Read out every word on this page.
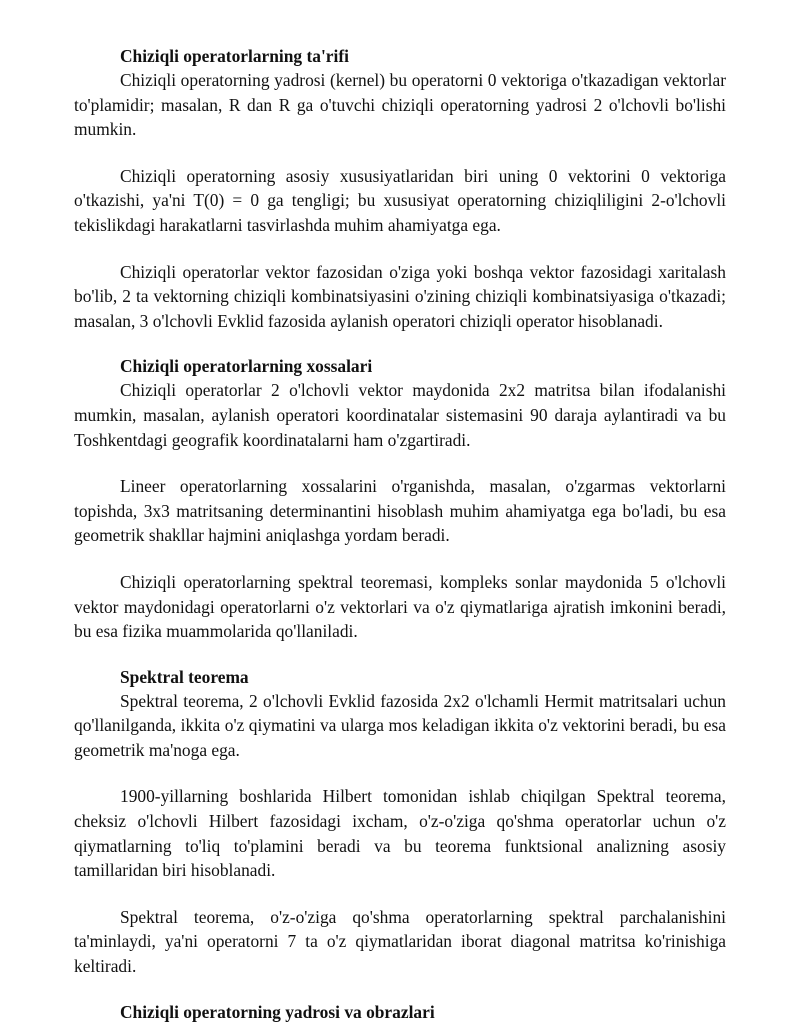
Chiziqli operatorlarning ta'rifi

Chiziqli operatorning yadrosi (kernel) bu operatorni 0 vektoriga o'tkazadigan vektorlar to'plamidir; masalan, R dan R ga o'tuvchi chiziqli operatorning yadrosi 2 o'lchovli bo'lishi mumkin.

Chiziqli operatorning asosiy xususiyatlaridan biri uning 0 vektorini 0 vektoriga o'tkazishi, ya'ni T(0) = 0 ga tengligi; bu xususiyat operatorning chiziqliligini 2-o'lchovli tekislikdagi harakatlarni tasvirlashda muhim ahamiyatga ega.

Chiziqli operatorlar vektor fazosidan o'ziga yoki boshqa vektor fazosidagi xaritalash bo'lib, 2 ta vektorning chiziqli kombinatsiyasini o'zining chiziqli kombinatsiyasiga o'tkazadi; masalan, 3 o'lchovli Evklid fazosida aylanish operatori chiziqli operator hisoblanadi.

Chiziqli operatorlarning xossalari

Chiziqli operatorlar 2 o'lchovli vektor maydonida 2x2 matritsa bilan ifodalanishi mumkin, masalan, aylanish operatori koordinatalar sistemasini 90 daraja aylantiradi va bu Toshkentdagi geografik koordinatalarni ham o'zgartiradi.

Lineer operatorlarning xossalarini o'rganishda, masalan, o'zgarmas vektorlarni topishda, 3x3 matritsaning determinantini hisoblash muhim ahamiyatga ega bo'ladi, bu esa geometrik shakllar hajmini aniqlashga yordam beradi.

Chiziqli operatorlarning spektral teoremasi, kompleks sonlar maydonida 5 o'lchovli vektor maydonidagi operatorlarni o'z vektorlari va o'z qiymatlariga ajratish imkonini beradi, bu esa fizika muammolarida qo'llaniladi.

Spektral teorema

Spektral teorema, 2 o'lchovli Evklid fazosida 2x2 o'lchamli Hermit matritsalari uchun qo'llanilganda, ikkita o'z qiymatini va ularga mos keladigan ikkita o'z vektorini beradi, bu esa geometrik ma'noga ega.

1900-yillarning boshlarida Hilbert tomonidan ishlab chiqilgan Spektral teorema, cheksiz o'lchovli Hilbert fazosidagi ixcham, o'z-o'ziga qo'shma operatorlar uchun o'z qiymatlarning to'liq to'plamini beradi va bu teorema funktsional analizning asosiy tamillaridan biri hisoblanadi.

Spektral teorema, o'z-o'ziga qo'shma operatorlarning spektral parchalanishini ta'minlaydi, ya'ni operatorni 7 ta o'z qiymatlaridan iborat diagonal matritsa ko'rinishiga keltiradi.

Chiziqli operatorning yadrosi va obrazlari
